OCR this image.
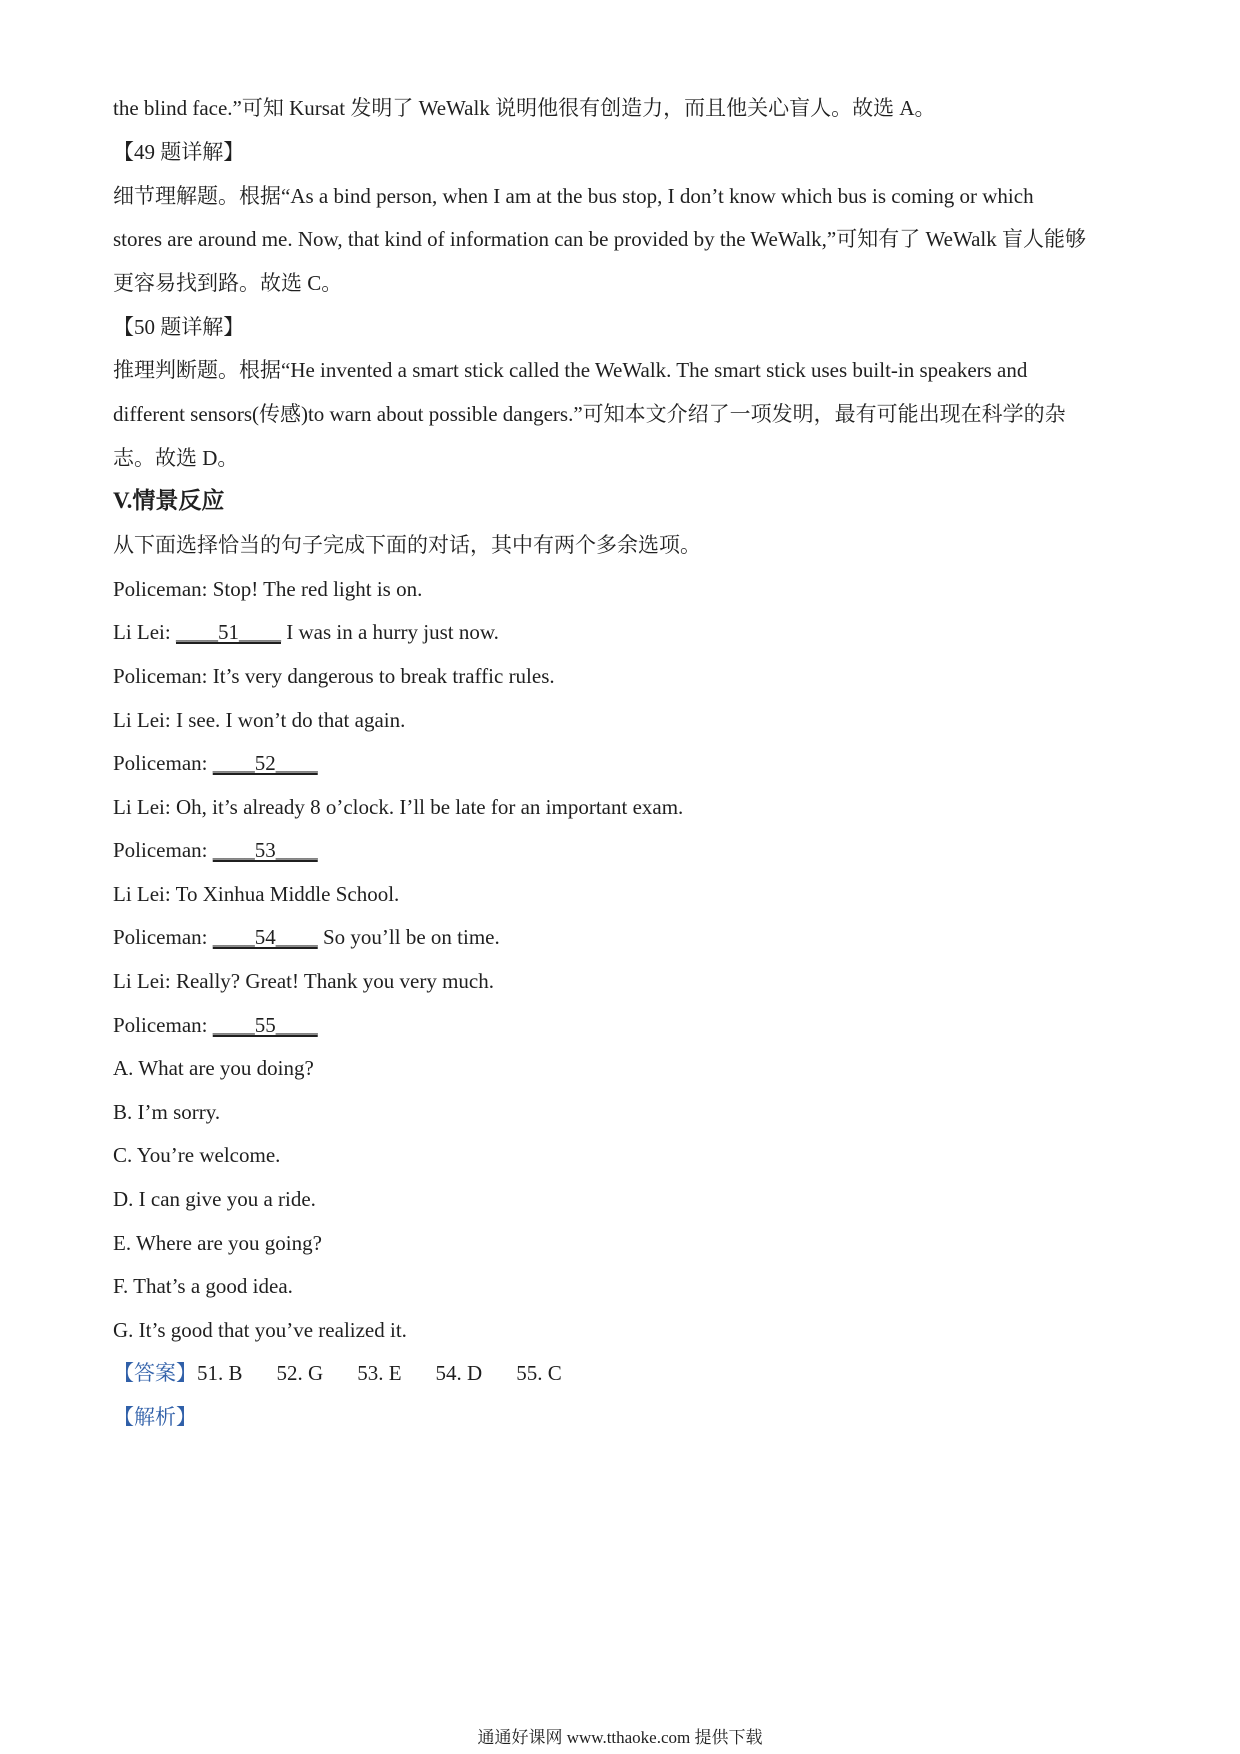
the blind face.”可知 Kursat 发明了 WeWalk 说明他很有创造力，而且他关心盲人。故选 A。
【49 题详解】
细节理解题。根据“As a bind person, when I am at the bus stop, I don’t know which bus is coming or which
stores are around me. Now, that kind of information can be provided by the WeWalk,”可知有了 WeWalk 盲人能够
更容易找到路。故选 C。
【50 题详解】
推理判断题。根据“He invented a smart stick called the WeWalk. The smart stick uses built-in speakers and
different sensors(传感)to warn about possible dangers.”可知本文介绍了一项发明，最有可能出现在科学的杂
志。故选 D。
V.情景反应
从下面选择恰当的句子完成下面的对话，其中有两个多余选项。
Policeman: Stop! The red light is on.
Li Lei: ____51____ I was in a hurry just now.
Policeman: It’s very dangerous to break traffic rules.
Li Lei: I see. I won’t do that again.
Policeman: ____52____
Li Lei: Oh, it’s already 8 o’clock. I’ll be late for an important exam.
Policeman: ____53____
Li Lei: To Xinhua Middle School.
Policeman: ____54____ So you’ll be on time.
Li Lei: Really? Great! Thank you very much.
Policeman: ____55____
A. What are you doing?
B. I’m sorry.
C. You’re welcome.
D. I can give you a ride.
E. Where are you going?
F. That’s a good idea.
G. It’s good that you’ve realized it.
【答案】51. B 52. G 53. E 54. D 55. C
【解析】
通通好课网 www.tthaoke.com 提供下载
